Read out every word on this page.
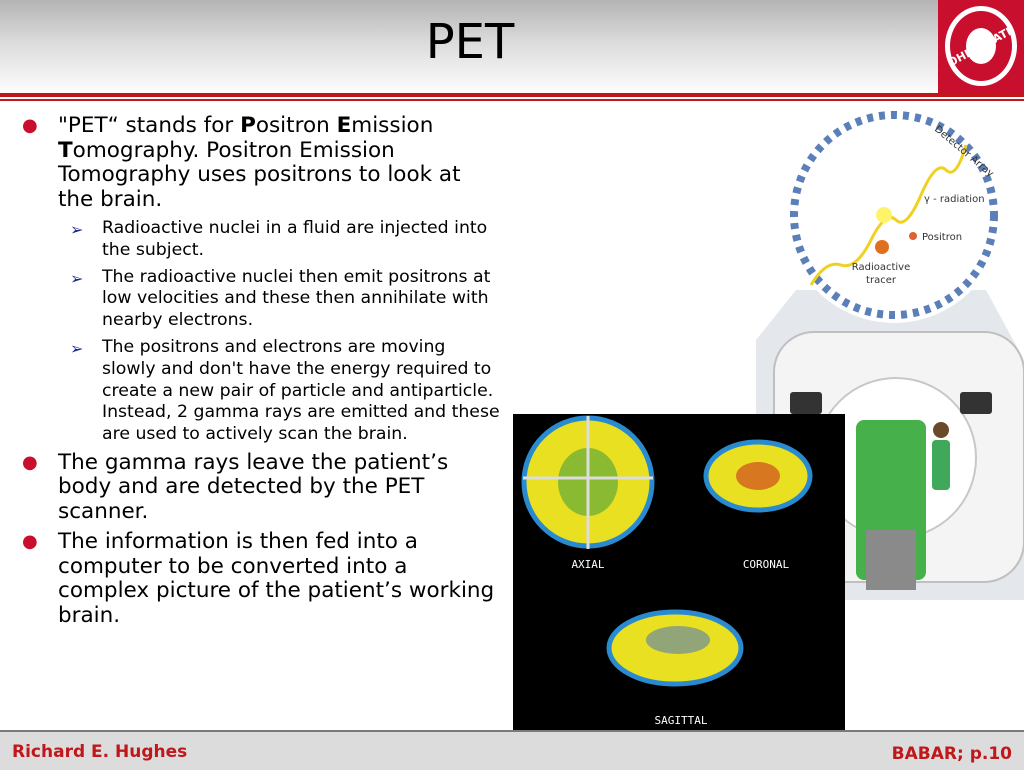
PET	OHIO STATE
● "PET“ stands for Positron Emission Tomography. Positron Emission Tomography uses positrons to look at the brain.
➢ Radioactive nuclei in a fluid are injected into the subject.
➢ The radioactive nuclei then emit positrons at low velocities and these then annihilate with nearby electrons.
➢ The positrons and electrons are moving slowly and don't have the energy required to create a new pair of particle and antiparticle. Instead, 2 gamma rays are emitted and these are used to actively scan the brain.
● The gamma rays leave the patient’s body and are detected by the PET scanner.
● The information is then fed into a computer to be converted into a complex picture of the patient’s working brain.
Detector Array
γ - radiation
Positron
Radioactive
tracer
AXIAL	CORONAL
SAGITTAL
Richard E. Hughes	BABAR; p.10
